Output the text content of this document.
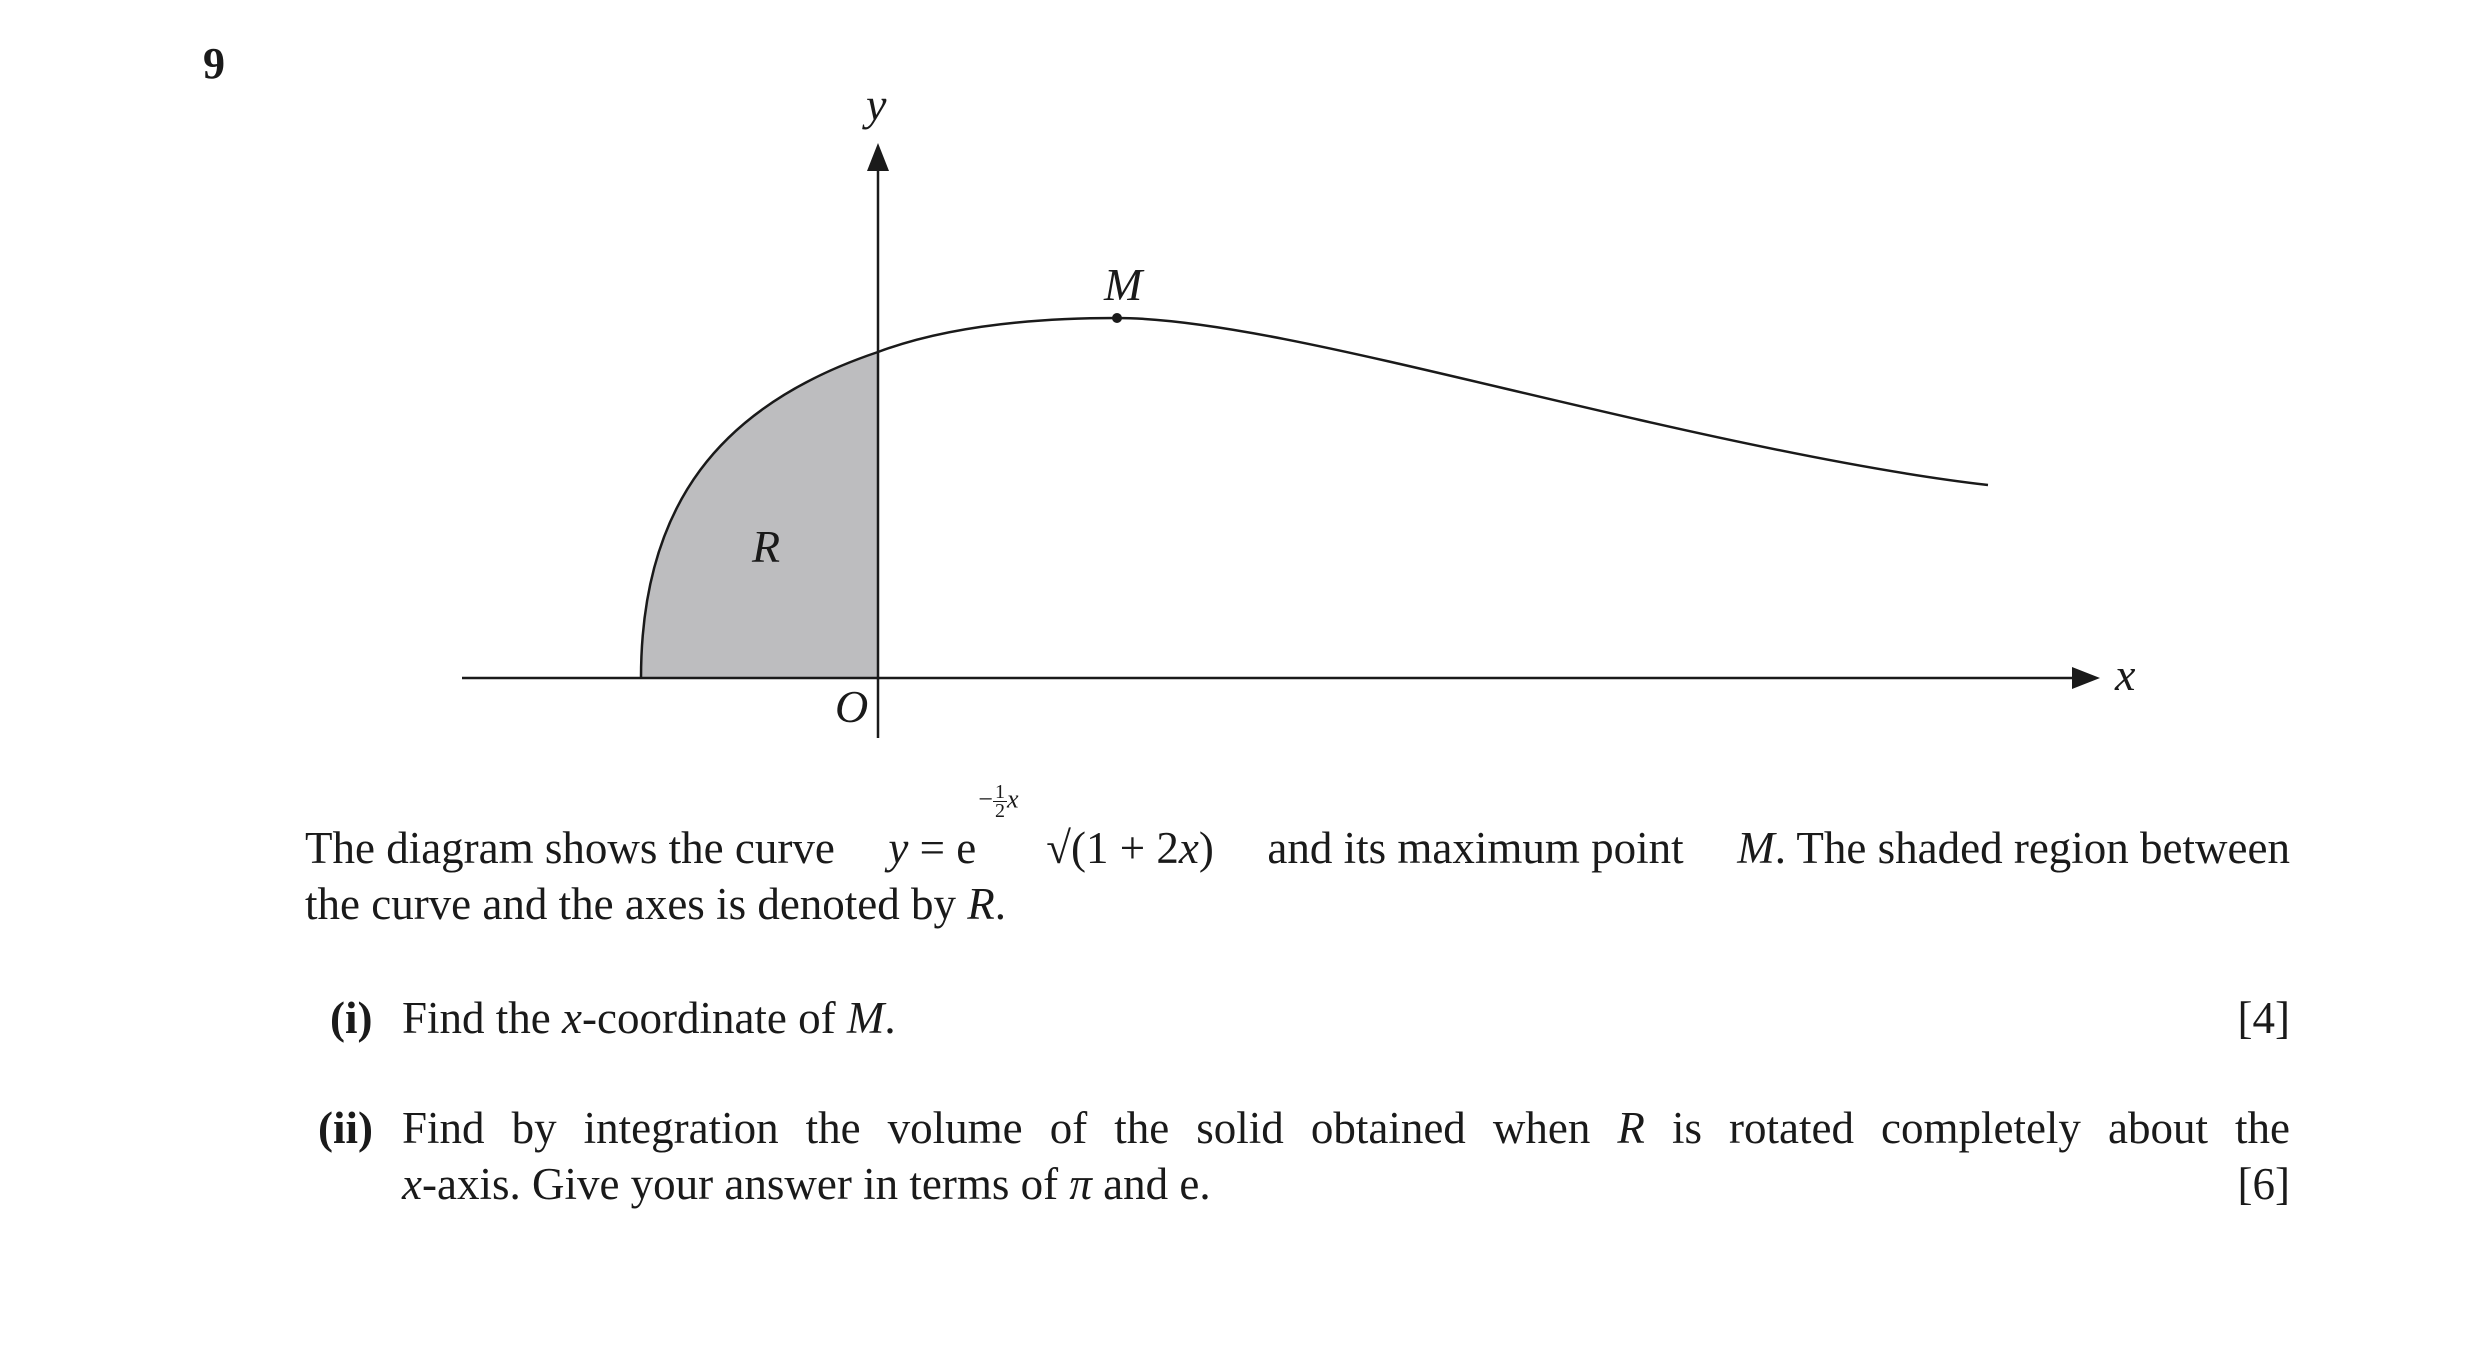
9
y
x
O
M
R
The diagram shows the curve y = e
− $\frac{1}{2}$ x
√(1 + 2x) and its maximum point M. The shaded region between
the curve and the axes is denoted by R.
(i) Find the x-coordinate of M.	[4]
(ii) Find by integration the volume of the solid obtained when R is rotated completely about the
x-axis. Give your answer in terms of π and e.	[6]
